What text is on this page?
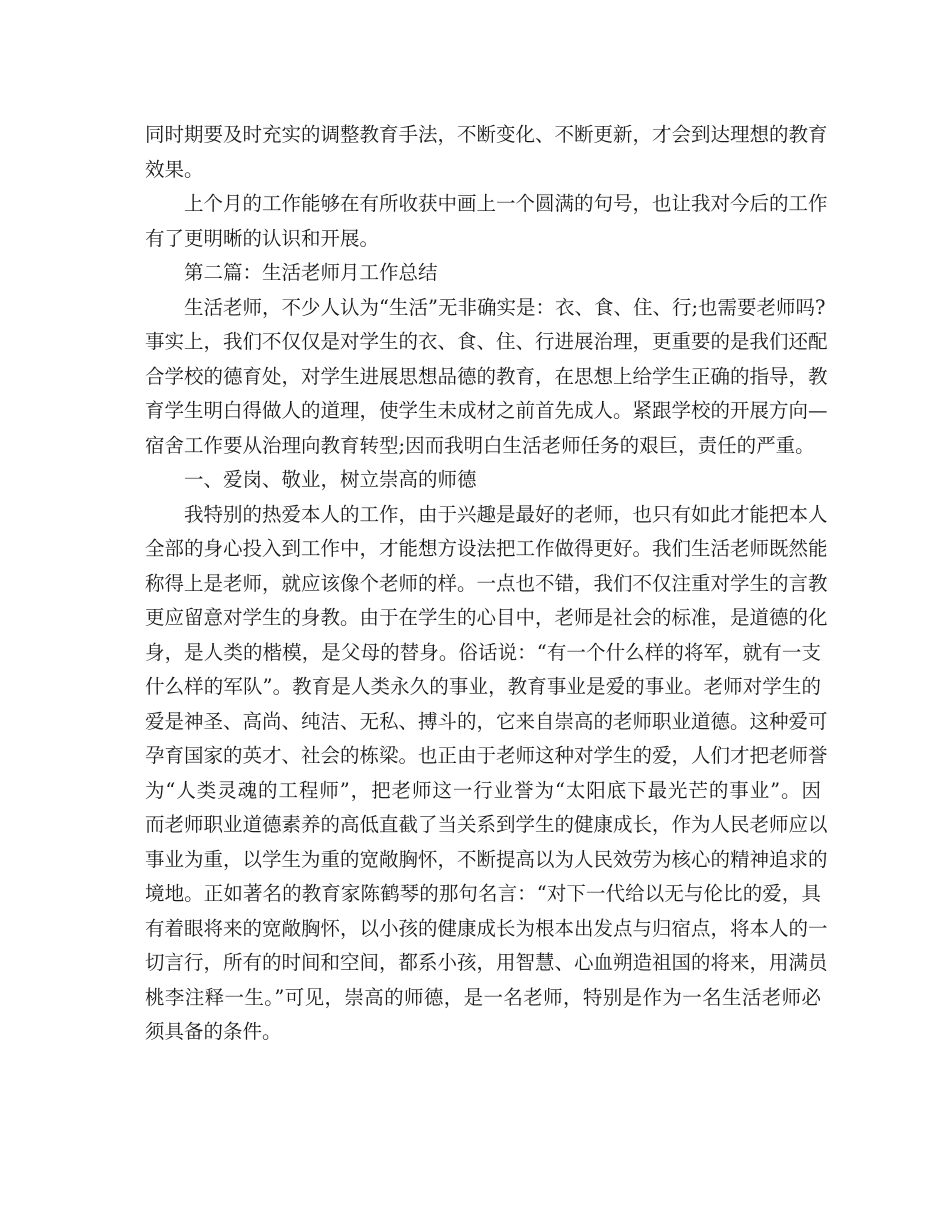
同时期要及时充实的调整教育手法，不断变化、不断更新，才会到达理想的教育
效果。
上个月的工作能够在有所收获中画上一个圆满的句号，也让我对今后的工作
有了更明晰的认识和开展。
第二篇：生活老师月工作总结
生活老师，不少人认为“生活”无非确实是：衣、食、住、行;也需要老师吗?
事实上，我们不仅仅是对学生的衣、食、住、行进展治理，更重要的是我们还配
合学校的德育处，对学生进展思想品德的教育，在思想上给学生正确的指导，教
育学生明白得做人的道理，使学生未成材之前首先成人。紧跟学校的开展方向—
宿舍工作要从治理向教育转型;因而我明白生活老师任务的艰巨，责任的严重。
一、爱岗、敬业，树立崇高的师德
我特别的热爱本人的工作，由于兴趣是最好的老师，也只有如此才能把本人
全部的身心投入到工作中，才能想方设法把工作做得更好。我们生活老师既然能
称得上是老师，就应该像个老师的样。一点也不错，我们不仅注重对学生的言教
更应留意对学生的身教。由于在学生的心目中，老师是社会的标准，是道德的化
身，是人类的楷模，是父母的替身。俗话说：“有一个什么样的将军，就有一支
什么样的军队”。教育是人类永久的事业，教育事业是爱的事业。老师对学生的
爱是神圣、高尚、纯洁、无私、搏斗的，它来自崇高的老师职业道德。这种爱可
孕育国家的英才、社会的栋梁。也正由于老师这种对学生的爱，人们才把老师誉
为“人类灵魂的工程师”，把老师这一行业誉为“太阳底下最光芒的事业”。因
而老师职业道德素养的高低直截了当关系到学生的健康成长，作为人民老师应以
事业为重，以学生为重的宽敞胸怀，不断提高以为人民效劳为核心的精神追求的
境地。正如著名的教育家陈鹤琴的那句名言：“对下一代给以无与伦比的爱，具
有着眼将来的宽敞胸怀，以小孩的健康成长为根本出发点与归宿点，将本人的一
切言行，所有的时间和空间，都系小孩，用智慧、心血朔造祖国的将来，用满员
桃李注释一生。”可见，崇高的师德，是一名老师，特别是作为一名生活老师必
须具备的条件。
